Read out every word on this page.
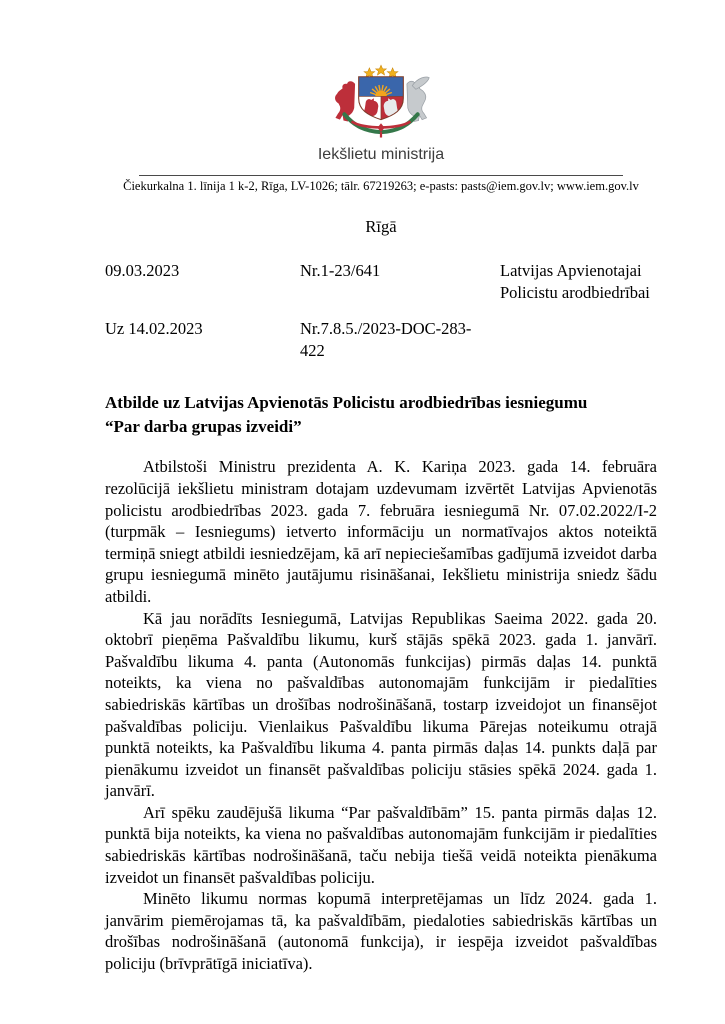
Iekšlietu ministrija
Čiekurkalna 1. līnija 1 k-2, Rīga, LV-1026; tālr. 67219263; e-pasts: pasts@iem.gov.lv; www.iem.gov.lv
Rīgā
09.03.2023	Nr.1-23/641	Latvijas Apvienotajai Policistu arodbiedrībai
Uz 14.02.2023	Nr.7.8.5./2023-DOC-283-422
Atbilde uz Latvijas Apvienotās Policistu arodbiedrības iesniegumu “Par darba grupas izveidi”

Atbilstoši Ministru prezidenta A. K. Kariņa 2023. gada 14. februāra rezolūcijā iekšlietu ministram dotajam uzdevumam izvērtēt Latvijas Apvienotās policistu arodbiedrības 2023. gada 7. februāra iesniegumā Nr. 07.02.2022/I-2 (turpmāk – Iesniegums) ietverto informāciju un normatīvajos aktos noteiktā termiņā sniegt atbildi iesniedzējam, kā arī nepieciešamības gadījumā izveidot darba grupu iesniegumā minēto jautājumu risināšanai, Iekšlietu ministrija sniedz šādu atbildi.

Kā jau norādīts Iesniegumā, Latvijas Republikas Saeima 2022. gada 20. oktobrī pieņēma Pašvaldību likumu, kurš stājās spēkā 2023. gada 1. janvārī. Pašvaldību likuma 4. panta (Autonomās funkcijas) pirmās daļas 14. punktā noteikts, ka viena no pašvaldības autonomajām funkcijām ir piedalīties sabiedriskās kārtības un drošības nodrošināšanā, tostarp izveidojot un finansējot pašvaldības policiju. Vienlaikus Pašvaldību likuma Pārejas noteikumu otrajā punktā noteikts, ka Pašvaldību likuma 4. panta pirmās daļas 14. punkts daļā par pienākumu izveidot un finansēt pašvaldības policiju stāsies spēkā 2024. gada 1. janvārī.

Arī spēku zaudējušā likuma “Par pašvaldībām” 15. panta pirmās daļas 12. punktā bija noteikts, ka viena no pašvaldības autonomajām funkcijām ir piedalīties sabiedriskās kārtības nodrošināšanā, taču nebija tiešā veidā noteikta pienākuma izveidot un finansēt pašvaldības policiju.

Minēto likumu normas kopumā interpretējamas un līdz 2024. gada 1. janvārim piemērojamas tā, ka pašvaldībām, piedaloties sabiedriskās kārtības un drošības nodrošināšanā (autonomā funkcija), ir iespēja izveidot pašvaldības policiju (brīvprātīgā iniciatīva).
